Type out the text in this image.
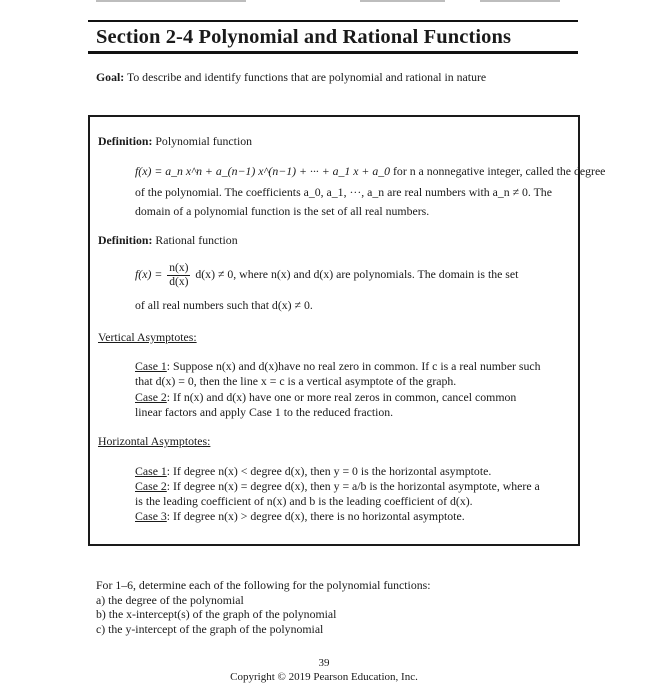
Section 2-4 Polynomial and Rational Functions
Goal: To describe and identify functions that are polynomial and rational in nature
Definition: Polynomial function
f(x) = a_n x^n + a_(n−1) x^(n−1) + ··· + a_1 x + a_0 for n a nonnegative integer, called the degree
of the polynomial. The coefficients a_0, a_1, ···, a_n are real numbers with a_n ≠ 0. The
domain of a polynomial function is the set of all real numbers.
Definition: Rational function
$f(x) = \frac{n(x)}{d(x)} d(x) \ne 0$, where n(x) and d(x) are polynomials. The domain is the set
of all real numbers such that d(x) ≠ 0.
Vertical Asymptotes:
Case 1: Suppose n(x) and d(x)have no real zero in common. If c is a real number such
that d(x) = 0, then the line x = c is a vertical asymptote of the graph.
Case 2: If n(x) and d(x) have one or more real zeros in common, cancel common
linear factors and apply Case 1 to the reduced fraction.
Horizontal Asymptotes:
Case 1: If degree n(x) < degree d(x), then y = 0 is the horizontal asymptote.
Case 2: If degree n(x) = degree d(x), then y = a/b is the horizontal asymptote, where a
is the leading coefficient of n(x) and b is the leading coefficient of d(x).
Case 3: If degree n(x) > degree d(x), there is no horizontal asymptote.
For 1–6, determine each of the following for the polynomial functions:
a) the degree of the polynomial
b) the x-intercept(s) of the graph of the polynomial
c) the y-intercept of the graph of the polynomial
39
Copyright © 2019 Pearson Education, Inc.
